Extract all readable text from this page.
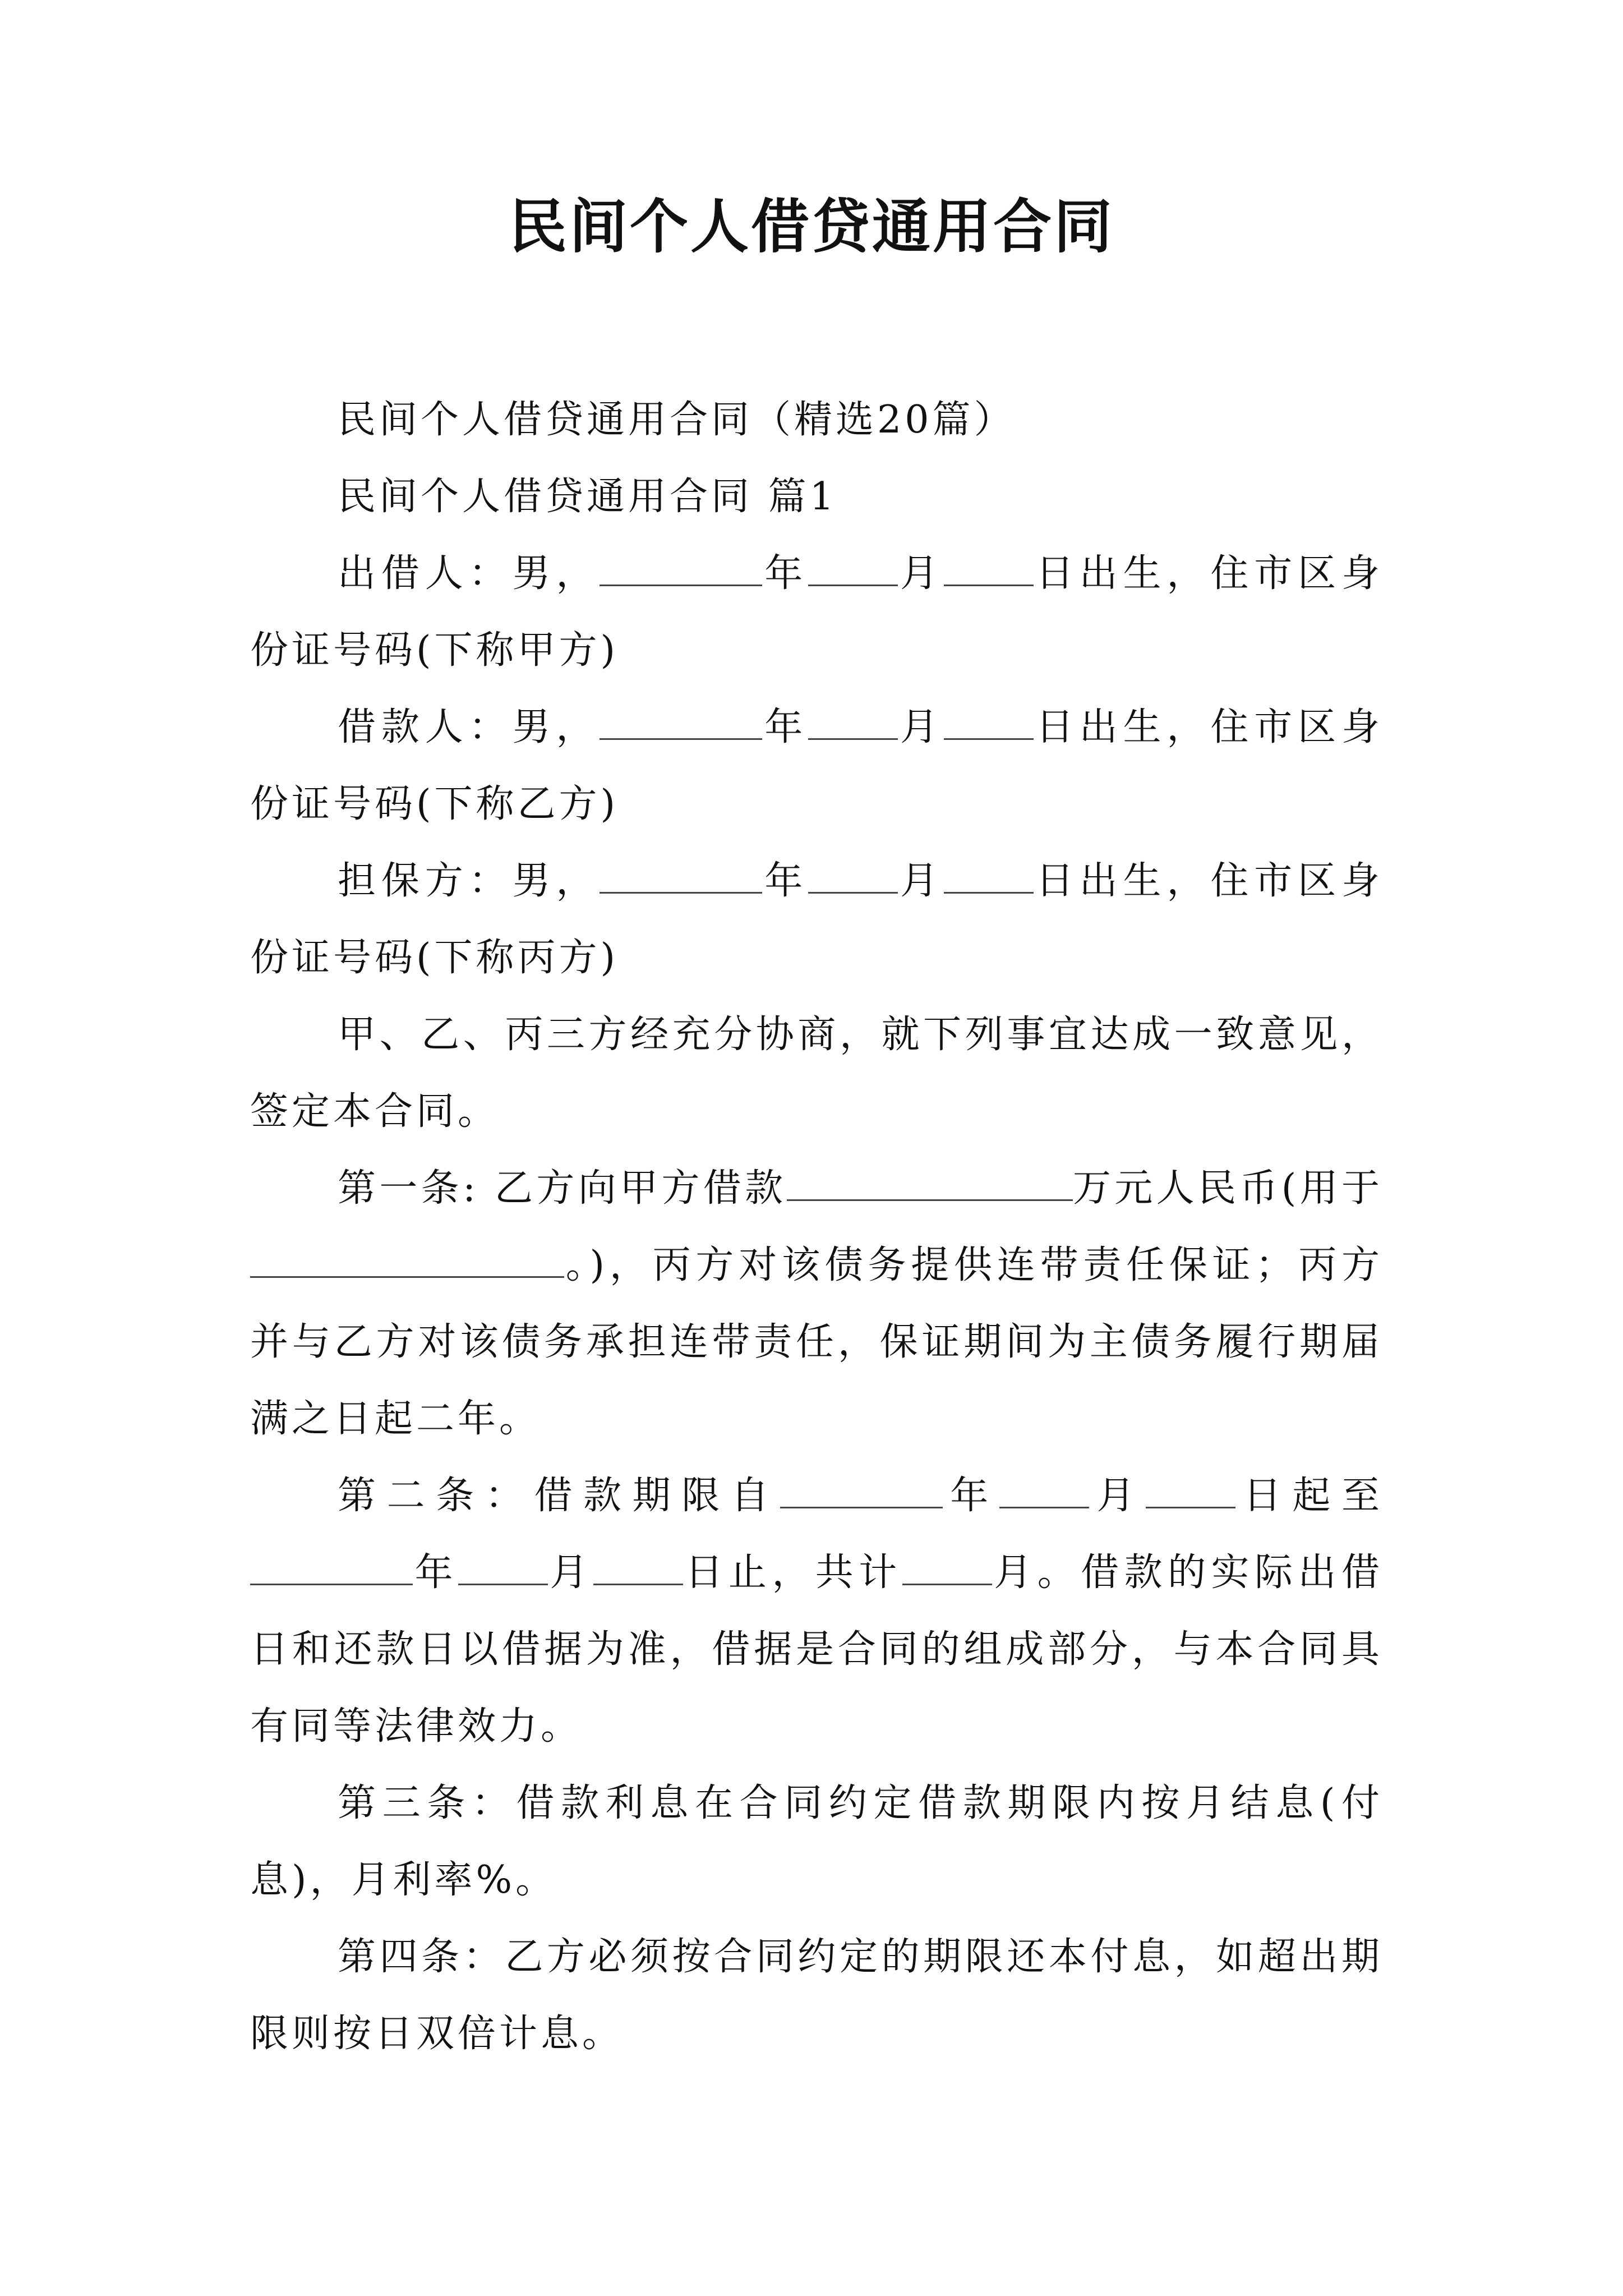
民间个人借贷通用合同

民间个人借贷通用合同（精选20篇）

民间个人借贷通用合同 篇1

出借人：男，	年 月 日出生，住市区身份证号码(下称甲方)

借款人：男，	年 月 日出生，住市区身份证号码(下称乙方)

担保方：男，	年 月 日出生，住市区身份证号码(下称丙方)

甲、乙、丙三方经充分协商，就下列事宜达成一致意见，签定本合同。

第一条: 乙方向甲方借款	万元人民币(用于。)，丙方对该债务提供连带责任保证；丙方并与乙方对该债务承担连带责任，保证期间为主债务履行期届满之日起二年。

第二条：借款期限自	年 月 日起至年 月 日止，共计 月。借款的实际出借日和还款日以借据为准，借据是合同的组成部分，与本合同具有同等法律效力。

第三条：借款利息在合同约定借款期限内按月结息(付息)，月利率%。

第四条：乙方必须按合同约定的期限还本付息，如超出期限则按日双倍计息。
